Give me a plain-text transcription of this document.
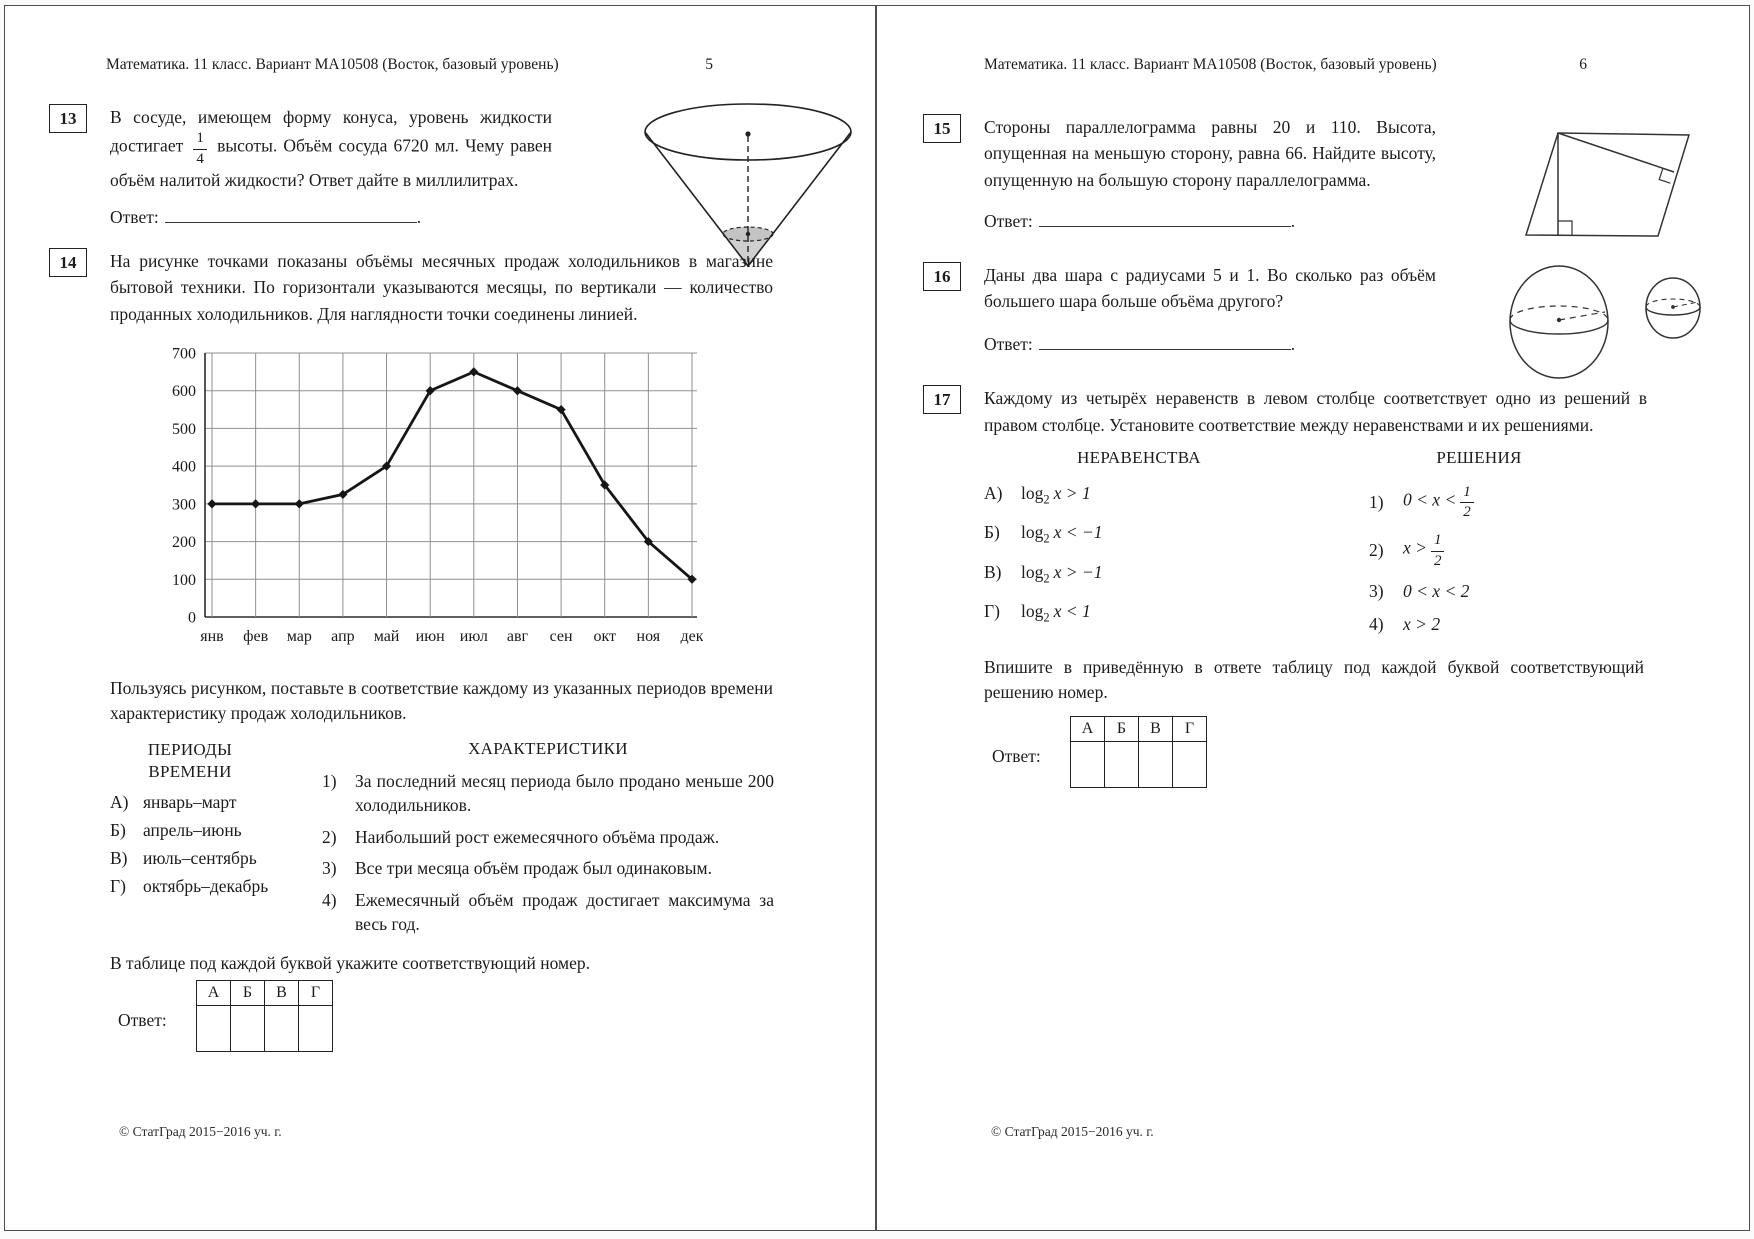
Математика. 11 класс. Вариант МА10508 (Восток, базовый уровень)	5
13	В сосуде, имеющем форму конуса, уровень жидкости достигает $\frac{1}{4}$ высоты. Объём сосуда 6720 мл. Чему равен объём налитой жидкости? Ответ дайте в миллилитрах.
Ответ:	.
14	На рисунке точками показаны объёмы месячных продаж холодильников в магазине бытовой техники. По горизонтали указываются месяцы, по вертикали — количество проданных холодильников. Для наглядности точки соединены линией.
0
100
200
300
400
500
600
700
янв фев мар апр май июн июл авг сен окт ноя дек
Пользуясь рисунком, поставьте в соответствие каждому из указанных периодов времени характеристику продаж холодильников.
ПЕРИОДЫ
ВРЕМЕНИ
А) январь–март
Б) апрель–июнь
В) июль–сентябрь
Г) октябрь–декабрь
ХАРАКТЕРИСТИКИ
1)	За последний месяц периода было продано меньше 200 холодильников.
2)	Наибольший рост ежемесячного объёма продаж.
3)	Все три месяца объём продаж был одинаковым.
4)	Ежемесячный объём продаж достигает максимума за весь год.
В таблице под каждой буквой укажите соответствующий номер.
Ответ:
А	Б	В	Г

© СтатГрад 2015−2016 уч. г.
Математика. 11 класс. Вариант МА10508 (Восток, базовый уровень)	6
15	Стороны параллелограмма равны 20 и 110. Высота, опущенная на меньшую сторону, равна 66. Найдите высоту, опущенную на большую сторону параллелограмма.
Ответ:	.
16	Даны два шара с радиусами 5 и 1. Во сколько раз объём большего шара больше объёма другого?
Ответ:	.
17	Каждому из четырёх неравенств в левом столбце соответствует одно из решений в правом столбце. Установите соответствие между неравенствами и их решениями.
НЕРАВЕНСТВА
А)	$\log_2 x > 1$
Б)	$\log_2 x < -1$
В)	$\log_2 x > -1$
Г)	$\log_2 x < 1$
РЕШЕНИЯ
1)	$0 < x < \frac{1}{2}$
2)	$x > \frac{1}{2}$
3)	0 < x < 2
4)	x > 2
Впишите в приведённую в ответе таблицу под каждой буквой соответствующий решению номер.
Ответ:
А	Б	В	Г

© СтатГрад 2015−2016 уч. г.
